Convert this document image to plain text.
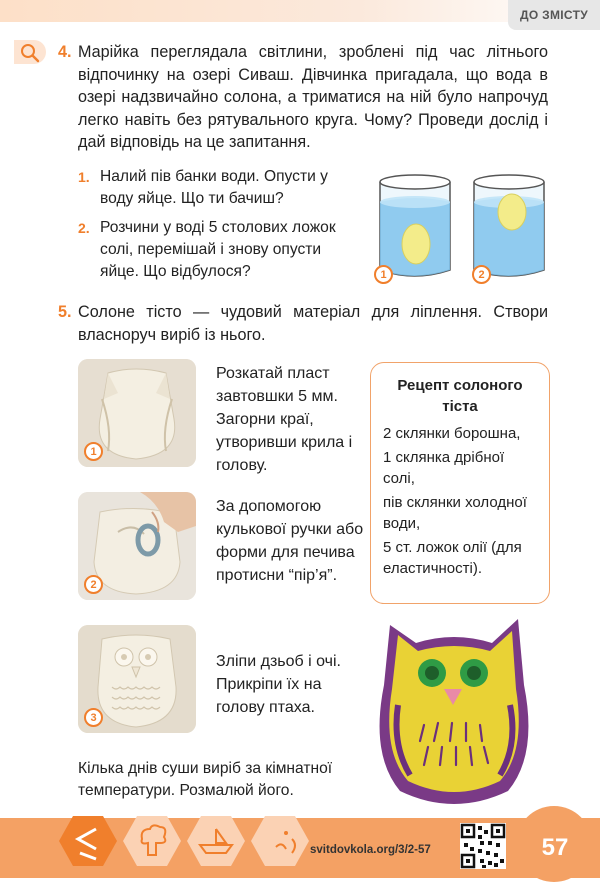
ДО ЗМІСТУ
4. Марійка переглядала світлини, зроблені під час літнього відпочинку на озері Сиваш. Дівчинка пригадала, що вода в озері надзвичайно солона, а триматися на ній було напрочуд легко навіть без рятувального круга. Чому? Проведи дослід і дай відповідь на це запитання.
1. Налий пів банки води. Опусти у воду яйце. Що ти бачиш?
2. Розчини у воді 5 столових ложок солі, перемішай і знову опусти яйце. Що відбулося?	1	2
5. Солоне тісто — чудовий матеріал для ліплення. Створи власноруч виріб із нього.
1
Розкатай пласт завтовшки 5 мм. Загорни краї, утворивши крила і голову.
2
За допомогою кулькової ручки або форми для печива протисни “пір’я”.
3
Зліпи дзьоб і очі. Прикріпи їх на голову птаха.
Рецепт солоного тіста
2 склянки борошна,
1 склянка дрібної солі,
пів склянки холодної води,
5 ст. ложок олії (для еластичності).
Кілька днів суши виріб за кімнатної температури. Розмалюй його.
svitdovkola.org/3/2-57	57
